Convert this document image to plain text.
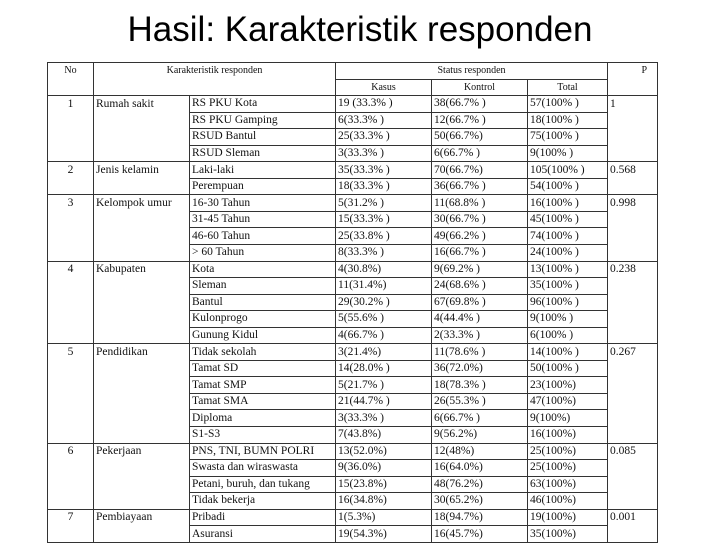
Hasil: Karakteristik responden
No	Karakteristik responden		Status responden			P
			Kasus	Kontrol	Total	
1	Rumah sakit	RS PKU Kota	19 (33.3% )	38(66.7% )	57(100% )	1
		RS PKU Gamping	6(33.3% )	12(66.7% )	18(100% )	
		RSUD Bantul	25(33.3% )	50(66.7%)	75(100% )	
		RSUD Sleman	3(33.3% )	6(66.7% )	9(100% )	
2	Jenis kelamin	Laki-laki	35(33.3% )	70(66.7%)	105(100% )	0.568
		Perempuan	18(33.3% )	36(66.7% )	54(100% )	
3	Kelompok umur	16-30 Tahun	5(31.2% )	11(68.8% )	16(100% )	0.998
		31-45 Tahun	15(33.3% )	30(66.7% )	45(100% )	
		46-60 Tahun	25(33.8% )	49(66.2% )	74(100% )	
		> 60 Tahun	8(33.3% )	16(66.7% )	24(100% )	
4	Kabupaten	Kota	4(30.8%)	9(69.2% )	13(100% )	0.238
		Sleman	11(31.4%)	24(68.6% )	35(100% )	
		Bantul	29(30.2% )	67(69.8% )	96(100% )	
		Kulonprogo	5(55.6% )	4(44.4% )	9(100% )	
		Gunung Kidul	4(66.7% )	2(33.3% )	6(100% )	
5	Pendidikan	Tidak sekolah	3(21.4%)	11(78.6% )	14(100% )	0.267
		Tamat SD	14(28.0% )	36(72.0%)	50(100% )	
		Tamat SMP	5(21.7% )	18(78.3% )	23(100%)	
		Tamat SMA	21(44.7% )	26(55.3% )	47(100%)	
		Diploma	3(33.3% )	6(66.7% )	9(100%)	
		S1-S3	7(43.8%)	9(56.2%)	16(100%)	
6	Pekerjaan	PNS, TNI, BUMN POLRI	13(52.0%)	12(48%)	25(100%)	0.085
		Swasta dan wiraswasta	9(36.0%)	16(64.0%)	25(100%)	
		Petani, buruh, dan tukang	15(23.8%)	48(76.2%)	63(100%)	
		Tidak bekerja	16(34.8%)	30(65.2%)	46(100%)	
7	Pembiayaan	Pribadi	1(5.3%)	18(94.7%)	19(100%)	0.001
		Asuransi	19(54.3%)	16(45.7%)	35(100%)	
